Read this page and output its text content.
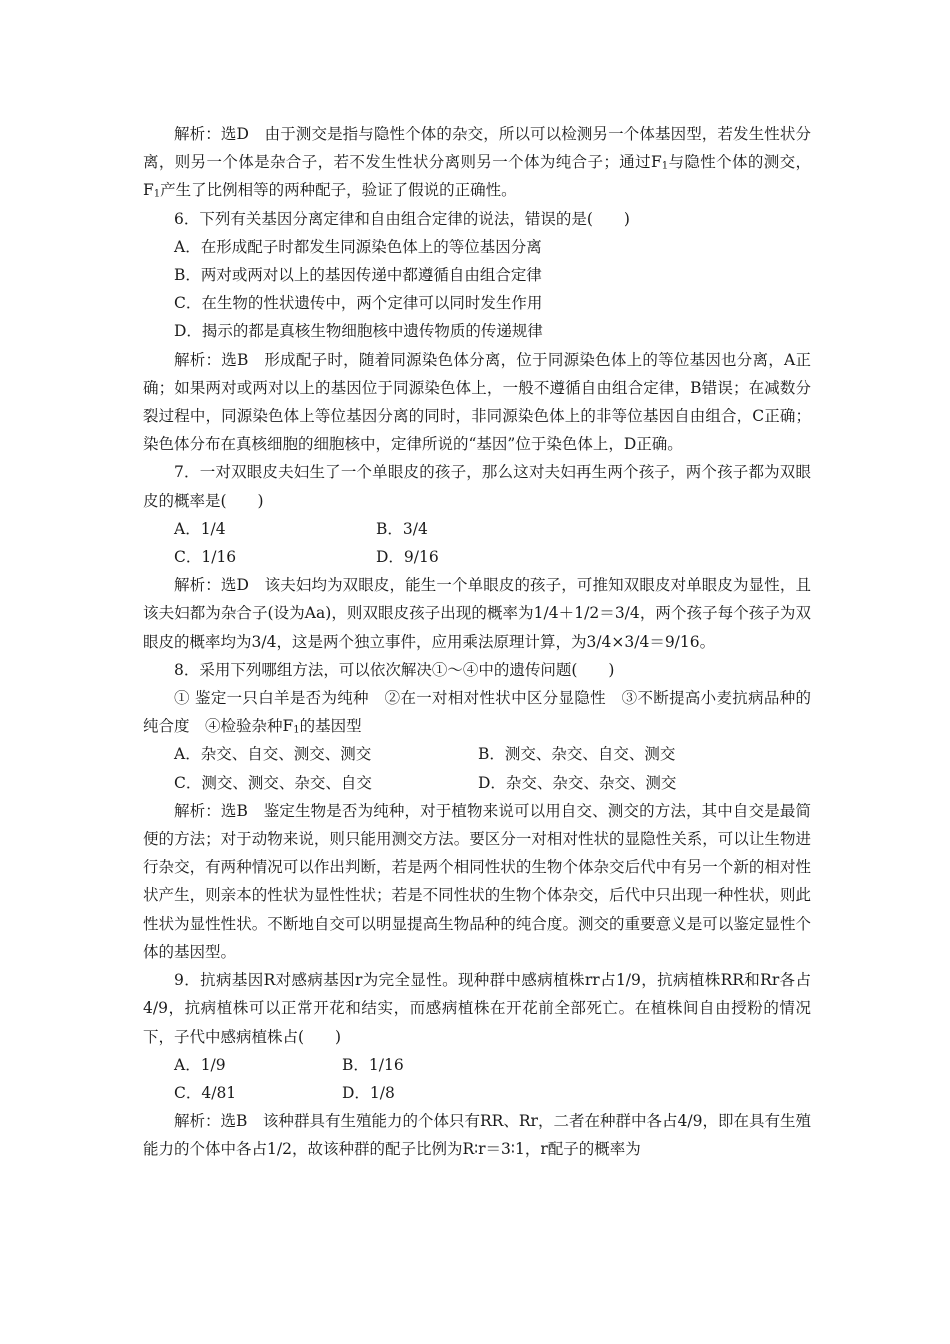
解析：选D　由于测交是指与隐性个体的杂交，所以可以检测另一个体基因型，若发生性状分离，则另一个体是杂合子，若不发生性状分离则另一个体为纯合子；通过$F_1$与隐性个体的测交，$F_1$产生了比例相等的两种配子，验证了假说的正确性。

6．下列有关基因分离定律和自由组合定律的说法，错误的是(　　)

A．在形成配子时都发生同源染色体上的等位基因分离

B．两对或两对以上的基因传递中都遵循自由组合定律

C．在生物的性状遗传中，两个定律可以同时发生作用

D．揭示的都是真核生物细胞核中遗传物质的传递规律

解析：选B　形成配子时，随着同源染色体分离，位于同源染色体上的等位基因也分离，A正确；如果两对或两对以上的基因位于同源染色体上，一般不遵循自由组合定律，B错误；在减数分裂过程中，同源染色体上等位基因分离的同时，非同源染色体上的非等位基因自由组合，C正确；染色体分布在真核细胞的细胞核中，定律所说的“基因”位于染色体上，D正确。

7．一对双眼皮夫妇生了一个单眼皮的孩子，那么这对夫妇再生两个孩子，两个孩子都为双眼皮的概率是(　　)

A．1/4	B．3/4
C．1/16	D．9/16

解析：选D　该夫妇均为双眼皮，能生一个单眼皮的孩子，可推知双眼皮对单眼皮为显性，且该夫妇都为杂合子(设为Aa)，则双眼皮孩子出现的概率为1/4＋1/2＝3/4，两个孩子每个孩子为双眼皮的概率均为3/4，这是两个独立事件，应用乘法原理计算，为3/4×3/4＝9/16。

8．采用下列哪组方法，可以依次解决①～④中的遗传问题(　　)

① 鉴定一只白羊是否为纯种　②在一对相对性状中区分显隐性　③不断提高小麦抗病品种的纯合度　④检验杂种$F_1$的基因型

A．杂交、自交、测交、测交	B．测交、杂交、自交、测交
C．测交、测交、杂交、自交	D．杂交、杂交、杂交、测交

解析：选B　鉴定生物是否为纯种，对于植物来说可以用自交、测交的方法，其中自交是最简便的方法；对于动物来说，则只能用测交方法。要区分一对相对性状的显隐性关系，可以让生物进行杂交，有两种情况可以作出判断，若是两个相同性状的生物个体杂交后代中有另一个新的相对性状产生，则亲本的性状为显性性状；若是不同性状的生物个体杂交，后代中只出现一种性状，则此性状为显性性状。不断地自交可以明显提高生物品种的纯合度。测交的重要意义是可以鉴定显性个体的基因型。

9．抗病基因R对感病基因r为完全显性。现种群中感病植株rr占1/9，抗病植株RR和Rr各占4/9，抗病植株可以正常开花和结实，而感病植株在开花前全部死亡。在植株间自由授粉的情况下，子代中感病植株占(　　)

A．1/9	B．1/16
C．4/81	D．1/8

解析：选B　该种群具有生殖能力的个体只有RR、Rr，二者在种群中各占4/9，即在具有生殖能力的个体中各占1/2，故该种群的配子比例为R∶r＝3∶1，r配子的概率为
